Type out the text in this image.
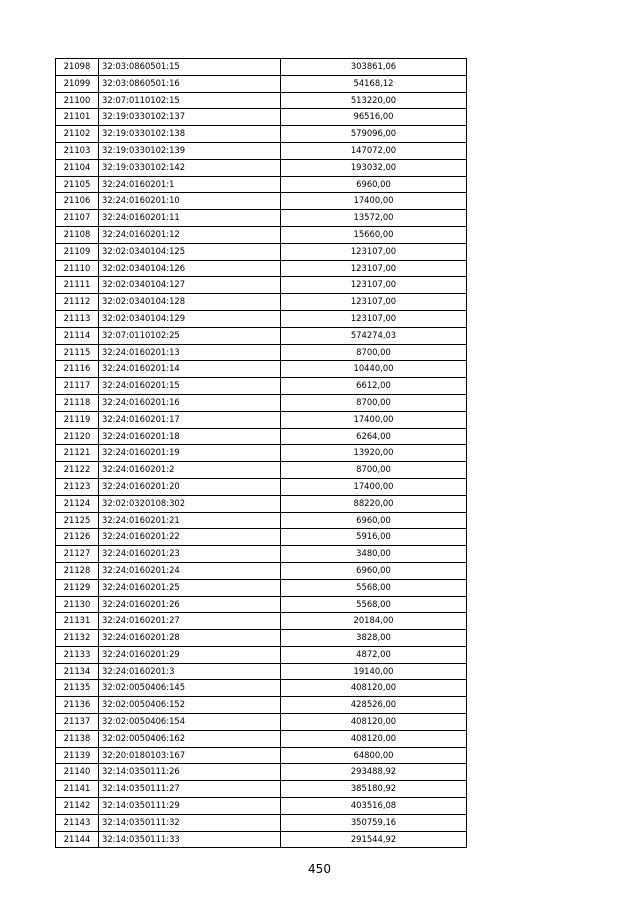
21098	32:03:0860501:15	303861,06
21099	32:03:0860501:16	54168,12
21100	32:07:0110102:15	513220,00
21101	32:19:0330102:137	96516,00
21102	32:19:0330102:138	579096,00
21103	32:19:0330102:139	147072,00
21104	32:19:0330102:142	193032,00
21105	32:24:0160201:1	6960,00
21106	32:24:0160201:10	17400,00
21107	32:24:0160201:11	13572,00
21108	32:24:0160201:12	15660,00
21109	32:02:0340104:125	123107,00
21110	32:02:0340104:126	123107,00
21111	32:02:0340104:127	123107,00
21112	32:02:0340104:128	123107,00
21113	32:02:0340104:129	123107,00
21114	32:07:0110102:25	574274,03
21115	32:24:0160201:13	8700,00
21116	32:24:0160201:14	10440,00
21117	32:24:0160201:15	6612,00
21118	32:24:0160201:16	8700,00
21119	32:24:0160201:17	17400,00
21120	32:24:0160201:18	6264,00
21121	32:24:0160201:19	13920,00
21122	32:24:0160201:2	8700,00
21123	32:24:0160201:20	17400,00
21124	32:02:0320108:302	88220,00
21125	32:24:0160201:21	6960,00
21126	32:24:0160201:22	5916,00
21127	32:24:0160201:23	3480,00
21128	32:24:0160201:24	6960,00
21129	32:24:0160201:25	5568,00
21130	32:24:0160201:26	5568,00
21131	32:24:0160201:27	20184,00
21132	32:24:0160201:28	3828,00
21133	32:24:0160201:29	4872,00
21134	32:24:0160201:3	19140,00
21135	32:02:0050406:145	408120,00
21136	32:02:0050406:152	428526,00
21137	32:02:0050406:154	408120,00
21138	32:02:0050406:162	408120,00
21139	32:20:0180103:167	64800,00
21140	32:14:0350111:26	293488,92
21141	32:14:0350111:27	385180,92
21142	32:14:0350111:29	403516,08
21143	32:14:0350111:32	350759,16
21144	32:14:0350111:33	291544,92
450
